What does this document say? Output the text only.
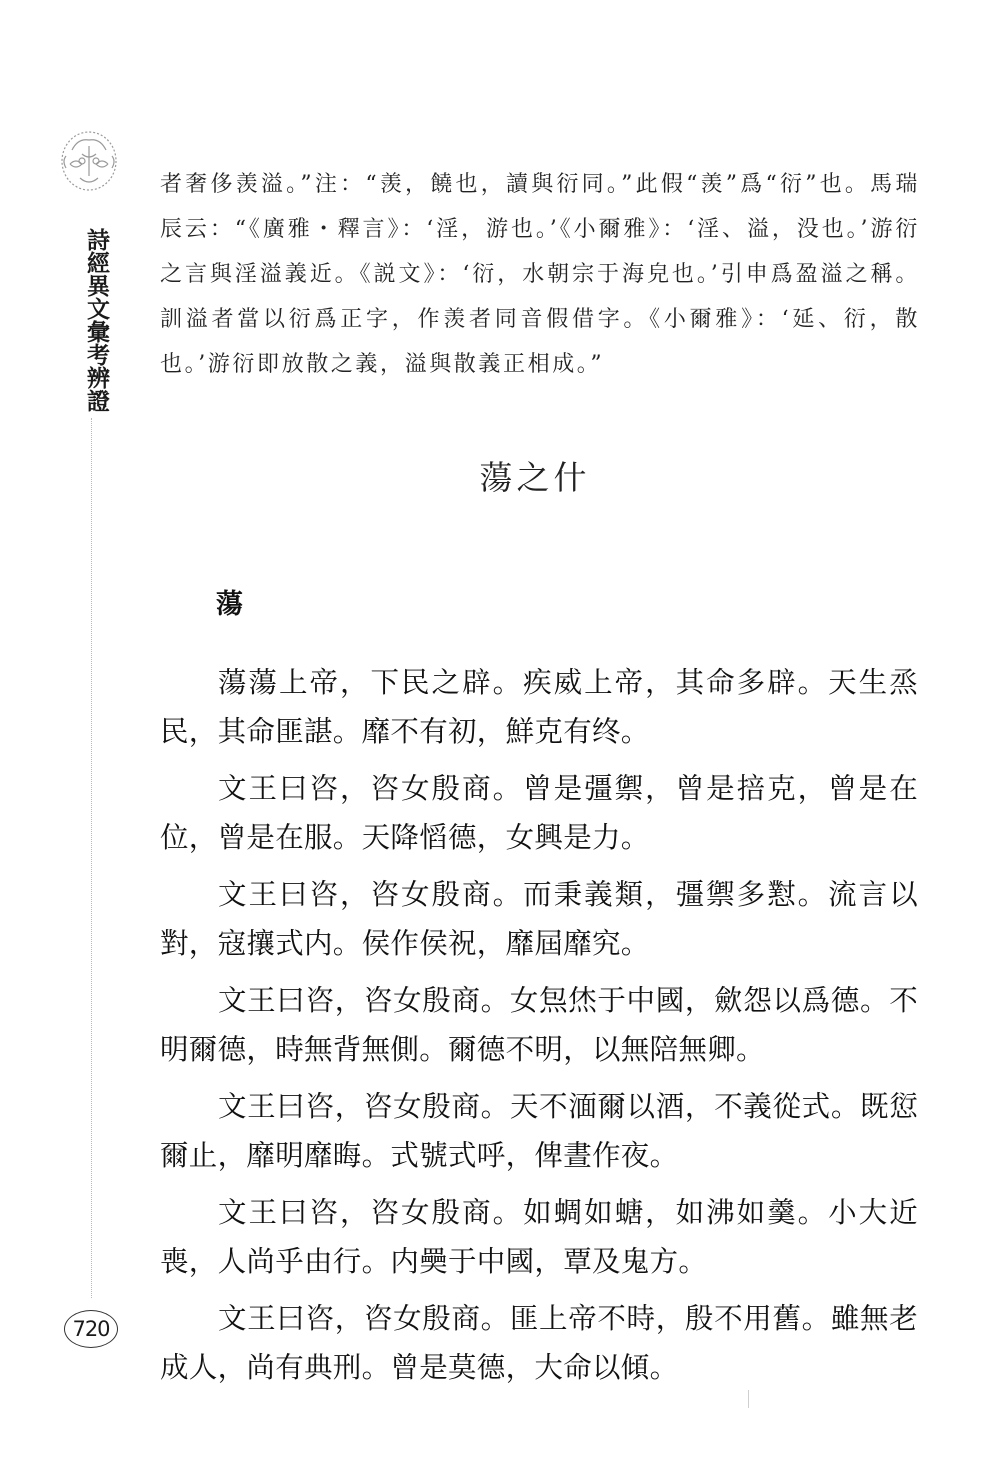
詩經異文彙考辨證
720

者奢侈羡溢。”注：“羡，饒也，讀與衍同。”此假“羡”爲“衍”也。馬瑞辰云：“《廣雅・釋言》：‘淫，游也。’《小爾雅》：‘淫、溢，没也。’游衍之言與淫溢義近。《説文》：‘衍，水朝宗于海皃也。’引申爲盈溢之稱。訓溢者當以衍爲正字，作羡者同音假借字。《小爾雅》：‘延、衍，散也。’游衍即放散之義，溢與散義正相成。”

蕩之什
蕩

蕩蕩上帝，下民之辟。疾威上帝，其命多辟。天生烝民，其命匪諶。靡不有初，鮮克有终。

文王曰咨，咨女殷商。曾是彊禦，曾是掊克，曾是在位，曾是在服。天降慆德，女興是力。

文王曰咨，咨女殷商。而秉義類，彊禦多懟。流言以對，寇攘式内。侯作侯祝，靡屆靡究。

文王曰咨，咨女殷商。女炰烋于中國，歛怨以爲德。不明爾德，時無背無側。爾德不明，以無陪無卿。

文王曰咨，咨女殷商。天不湎爾以酒，不義從式。既愆爾止，靡明靡晦。式號式呼，俾晝作夜。

文王曰咨，咨女殷商。如蜩如螗，如沸如羹。小大近喪，人尚乎由行。内奰于中國，覃及鬼方。

文王曰咨，咨女殷商。匪上帝不時，殷不用舊。雖無老成人，尚有典刑。曾是莫德，大命以傾。
